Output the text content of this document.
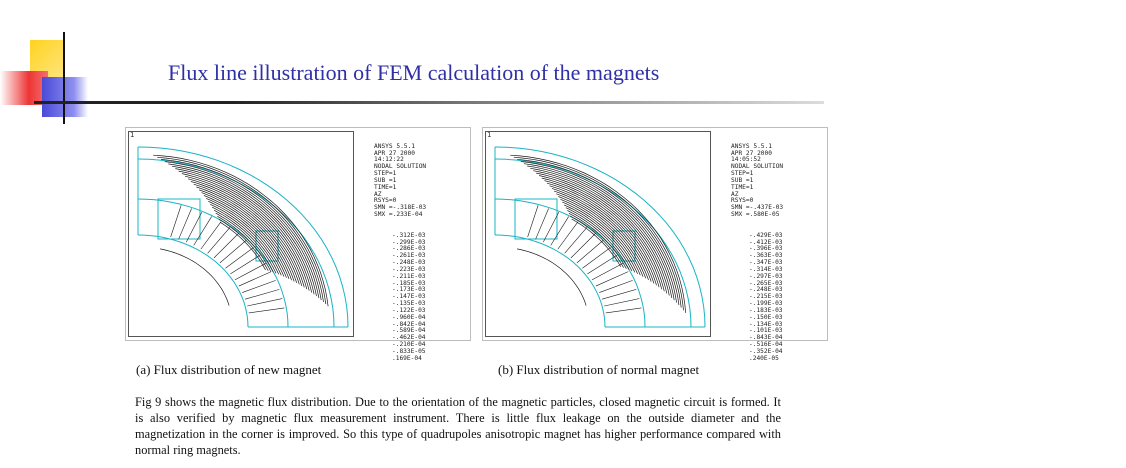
Flux line illustration of FEM calculation of the magnets
1

ANSYS 5.5.1
APR 27 2000
14:12:22
NODAL SOLUTION
STEP=1
SUB =1
TIME=1
AZ
RSYS=0
SMN =-.318E-03
SMX =.233E-04

-.312E-03
-.299E-03
-.286E-03
-.261E-03
-.248E-03
-.223E-03
-.211E-03
-.185E-03
-.173E-03
-.147E-03
-.135E-03
-.122E-03
-.960E-04
-.842E-04
-.589E-04
-.462E-04
-.210E-04
-.833E-05
.169E-04

1

ANSYS 5.5.1
APR 27 2000
14:05:52
NODAL SOLUTION
STEP=1
SUB =1
TIME=1
AZ
RSYS=0
SMN =-.437E-03
SMX =.580E-05

-.429E-03
-.412E-03
-.396E-03
-.363E-03
-.347E-03
-.314E-03
-.297E-03
-.265E-03
-.248E-03
-.215E-03
-.199E-03
-.183E-03
-.150E-03
-.134E-03
-.101E-03
-.843E-04
-.516E-04
-.352E-04
.240E-05

(a) Flux distribution of new magnet	(b) Flux distribution of normal magnet
Fig 9 shows the magnetic flux distribution. Due to the orientation of the magnetic particles, closed magnetic circuit is formed. It is also verified by magnetic flux measurement instrument. There is little flux leakage on the outside diameter and the magnetization in the corner is improved. So this type of quadrupoles anisotropic magnet has higher performance compared with normal ring magnets.
